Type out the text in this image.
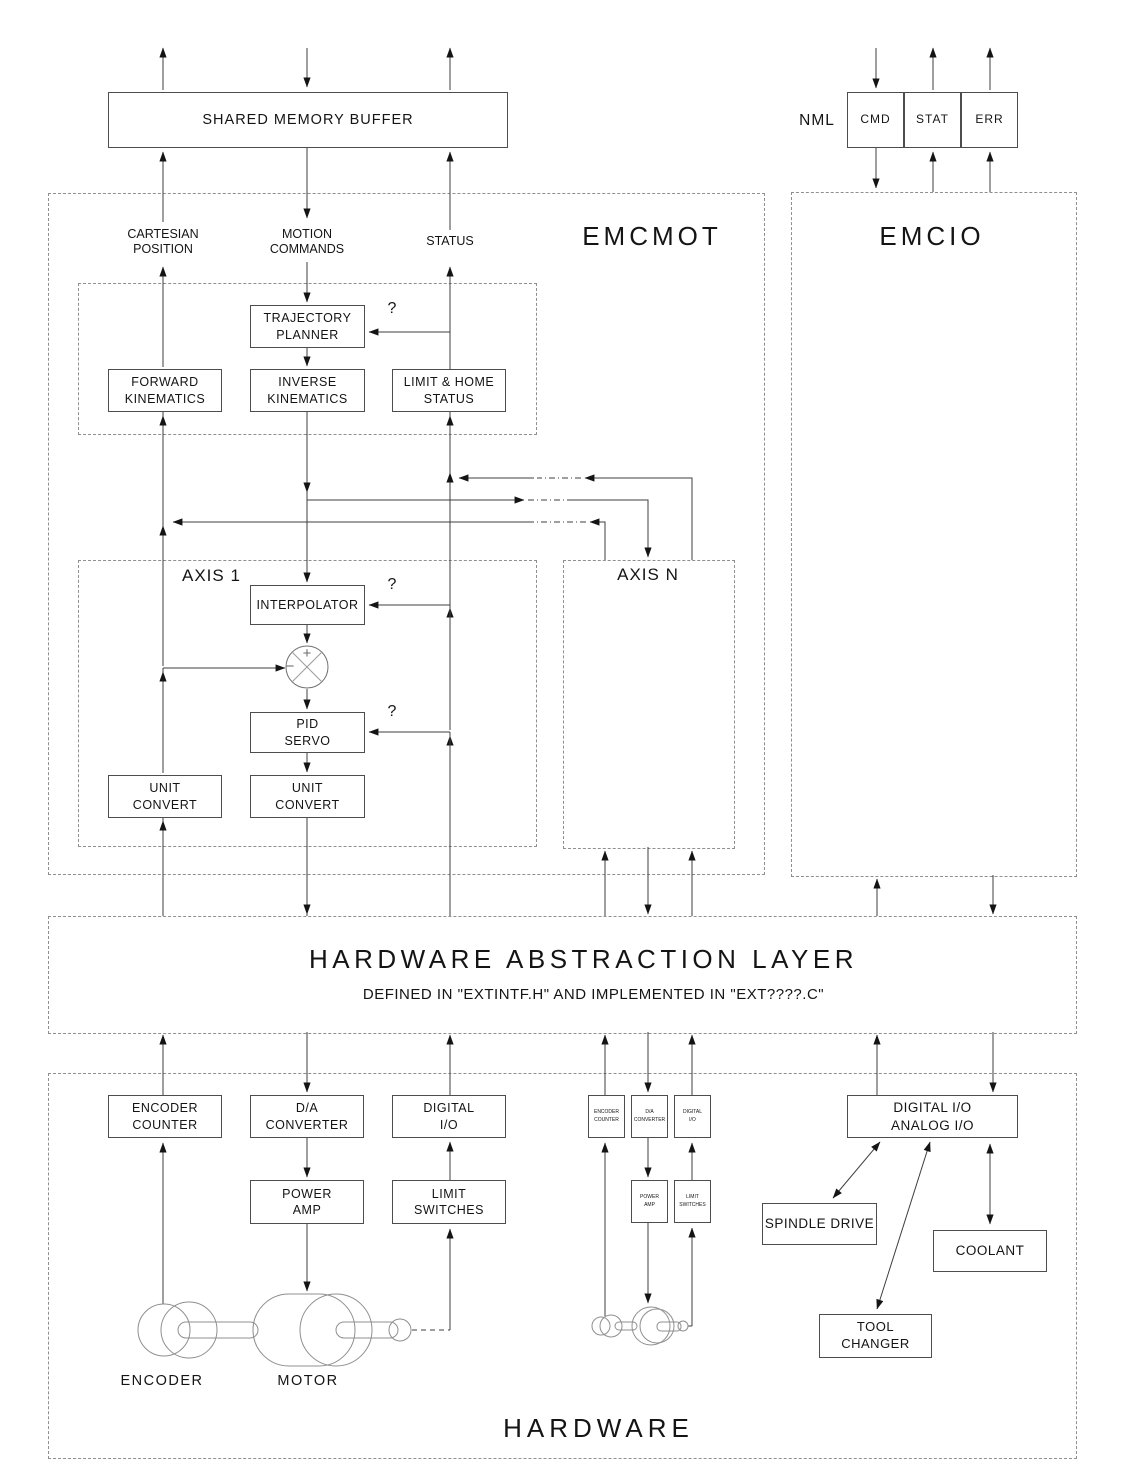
SHARED MEMORY BUFFER	NML	CMD STAT ERR
EMCMOT	EMCIO
CARTESIAN
POSITION
MOTION
COMMANDS
STATUS
TRAJECTORY
PLANNER
FORWARD
KINEMATICS
INVERSE
KINEMATICS
LIMIT & HOME
STATUS
?
?
?
AXIS 1
INTERPOLATOR
+
−
PID
SERVO
UNIT
CONVERT
UNIT
CONVERT
AXIS N
HARDWARE ABSTRACTION LAYER
DEFINED IN "EXTINTF.H" AND IMPLEMENTED IN "EXT????.C"
ENCODER
COUNTER
D/A
CONVERTER
DIGITAL
I/O
POWER
AMP
LIMIT
SWITCHES
ENCODER
COUNTER
D/A
CONVERTER
DIGITAL
I/O
POWER
AMP
LIMIT
SWITCHES
DIGITAL I/O
ANALOG I/O
SPINDLE DRIVE
COOLANT
TOOL
CHANGER
ENCODER	MOTOR
HARDWARE
